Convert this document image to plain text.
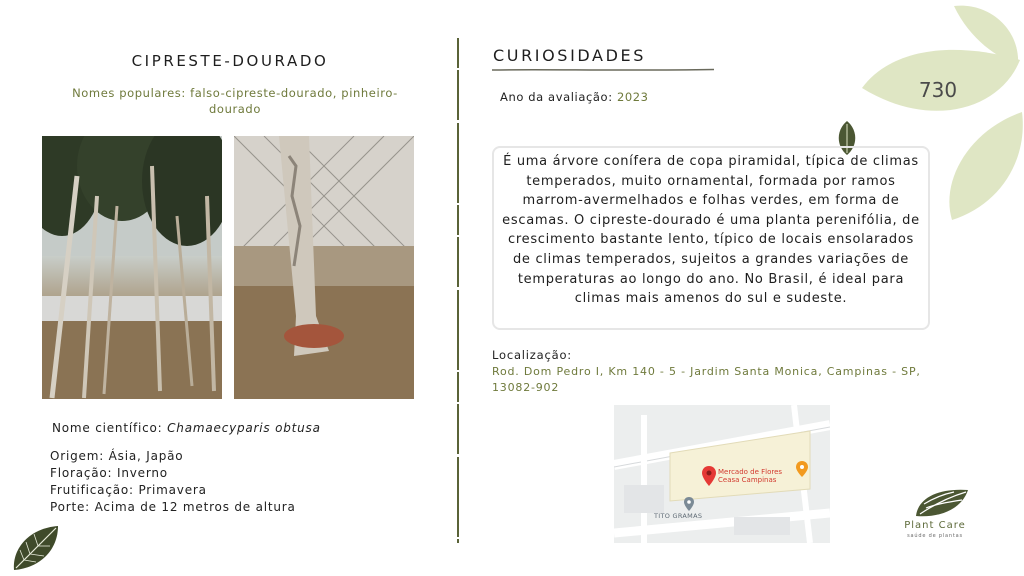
730
CIPRESTE-DOURADO
Nomes populares: falso-cipreste-dourado, pinheiro-dourado
Nome científico: Chamaecyparis obtusa
Origem: Ásia, Japão
Floração: Inverno
Frutificação: Primavera
Porte: Acima de 12 metros de altura
CURIOSIDADES
Ano da avaliação: 2023
É uma árvore conífera de copa piramidal, típica de climas temperados, muito ornamental, formada por ramos marrom-avermelhados e folhas verdes, em forma de escamas. O cipreste-dourado é uma planta perenifólia, de crescimento bastante lento, típico de locais ensolarados de climas temperados, sujeitos a grandes variações de temperaturas ao longo do ano. No Brasil, é ideal para climas mais amenos do sul e sudeste.
Localização:
Rod. Dom Pedro I, Km 140 - 5 - Jardim Santa Monica, Campinas - SP, 13082-902
Mercado de Flores
Ceasa Campinas
TITO GRAMAS
Plant Care
saúde de plantas
